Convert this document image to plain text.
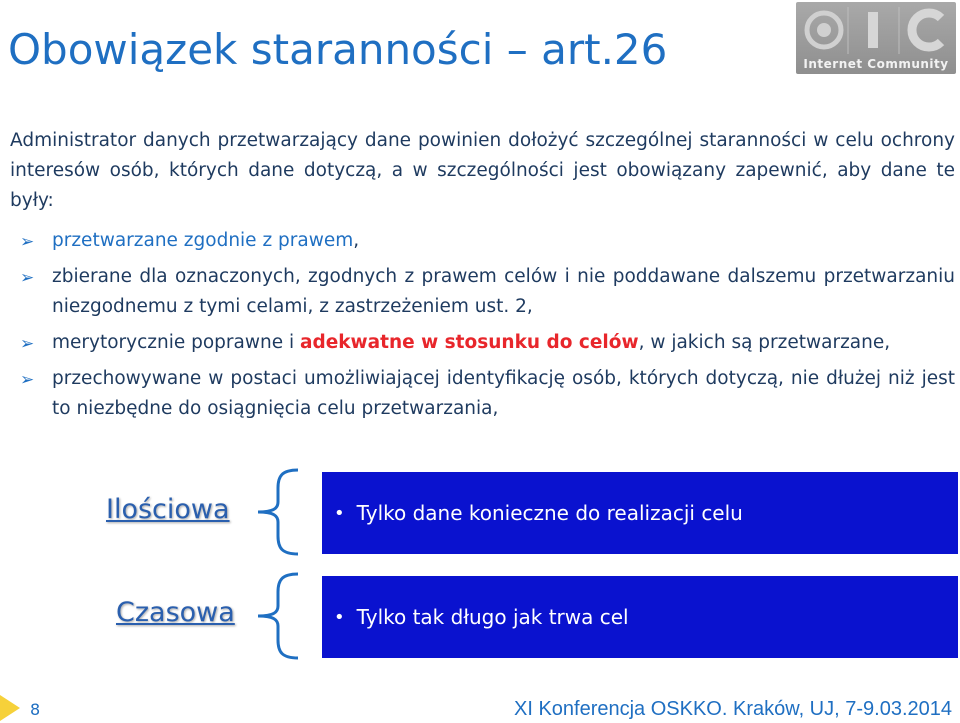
Internet Community
Obowiązek staranności – art.26

Administrator danych przetwarzający dane powinien dołożyć szczególnej staranności w celu ochrony interesów osób, których dane dotyczą, a w szczególności jest obowiązany zapewnić, aby dane te były:

➢ przetwarzane zgodnie z prawem,
➢ zbierane dla oznaczonych, zgodnych z prawem celów i nie poddawane dalszemu przetwarzaniu niezgodnemu z tymi celami, z zastrzeżeniem ust. 2,
➢ merytorycznie poprawne i adekwatne w stosunku do celów, w jakich są przetwarzane,
➢ przechowywane w postaci umożliwiającej identyfikację osób, których dotyczą, nie dłużej niż jest to niezbędne do osiągnięcia celu przetwarzania,
Ilościowa	• Tylko dane konieczne do realizacji celu
Czasowa	• Tylko tak długo jak trwa cel
8	XI Konferencja OSKKO. Kraków, UJ, 7-9.03.2014
